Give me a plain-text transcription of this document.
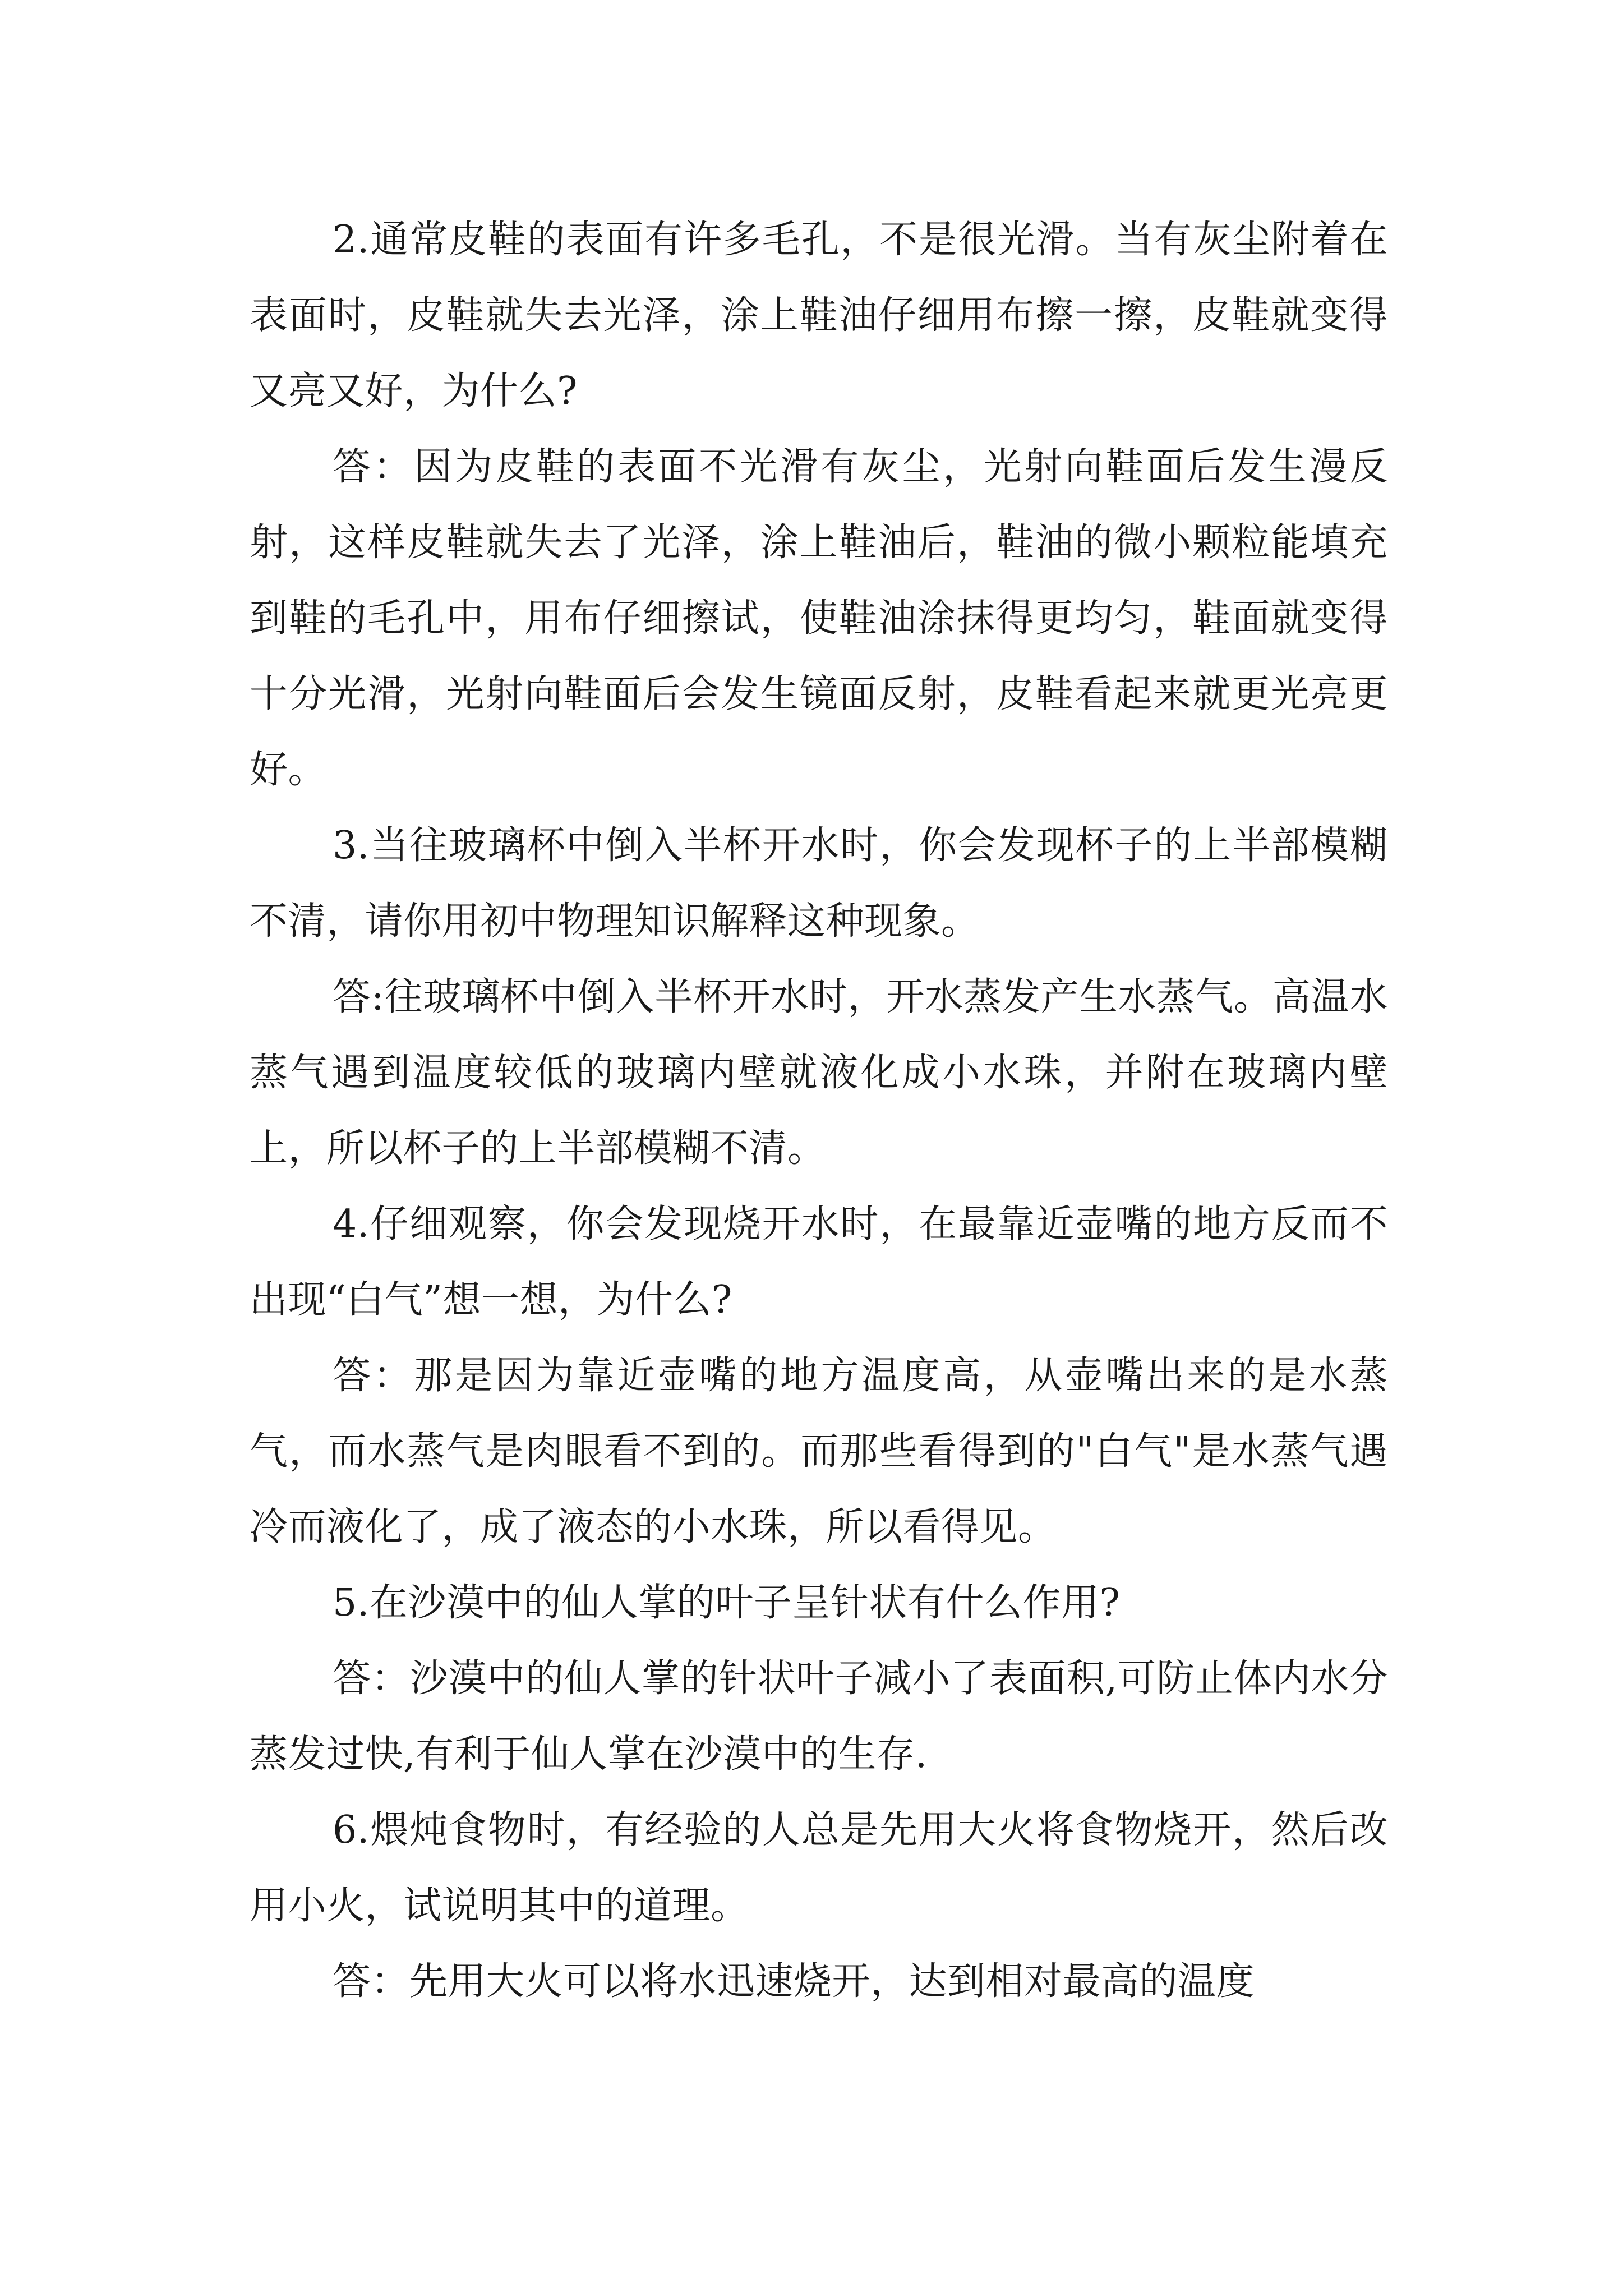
2.通常皮鞋的表面有许多毛孔，不是很光滑。当有灰尘附着在表面时，皮鞋就失去光泽，涂上鞋油仔细用布擦一擦，皮鞋就变得又亮又好，为什么?

答：因为皮鞋的表面不光滑有灰尘，光射向鞋面后发生漫反射，这样皮鞋就失去了光泽，涂上鞋油后，鞋油的微小颗粒能填充到鞋的毛孔中，用布仔细擦试，使鞋油涂抹得更均匀，鞋面就变得十分光滑，光射向鞋面后会发生镜面反射，皮鞋看起来就更光亮更好。

3.当往玻璃杯中倒入半杯开水时，你会发现杯子的上半部模糊不清，请你用初中物理知识解释这种现象。

答:往玻璃杯中倒入半杯开水时，开水蒸发产生水蒸气。高温水蒸气遇到温度较低的玻璃内壁就液化成小水珠，并附在玻璃内壁上，所以杯子的上半部模糊不清。

4.仔细观察，你会发现烧开水时，在最靠近壶嘴的地方反而不出现“白气”想一想，为什么?

答：那是因为靠近壶嘴的地方温度高，从壶嘴出来的是水蒸气，而水蒸气是肉眼看不到的。而那些看得到的"白气"是水蒸气遇冷而液化了，成了液态的小水珠，所以看得见。

5.在沙漠中的仙人掌的叶子呈针状有什么作用?

答：沙漠中的仙人掌的针状叶子减小了表面积,可防止体内水分蒸发过快,有利于仙人掌在沙漠中的生存.

6.煨炖食物时，有经验的人总是先用大火将食物烧开，然后改用小火，试说明其中的道理。

答：先用大火可以将水迅速烧开，达到相对最高的温度
